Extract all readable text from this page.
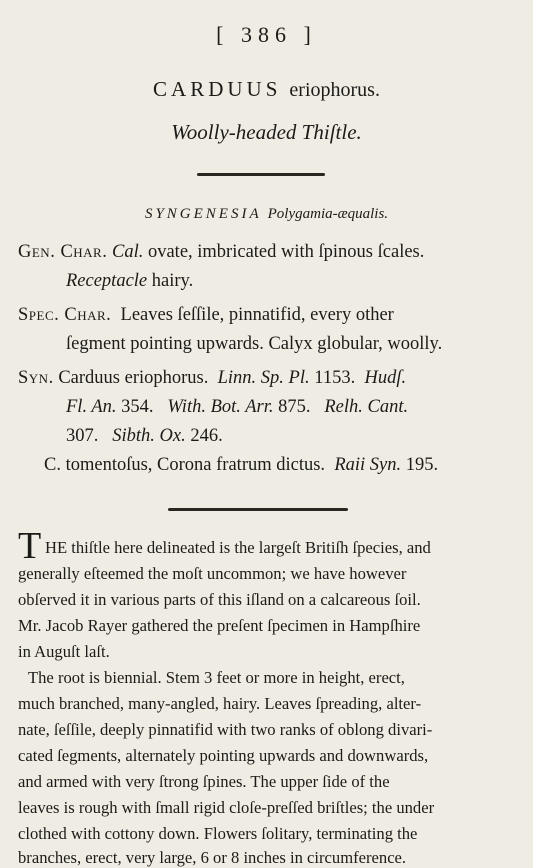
[ 386 ]
CARDUUS eriophorus.
Woolly-headed Thiſtle.
SYNGENESIA Polygamia-æqualis.
Gen. Char. Cal. ovate, imbricated with ſpinous ſcales.
Receptacle hairy.
Spec. Char. Leaves ſeſſile, pinnatifid, every other
ſegment pointing upwards. Calyx globular, woolly.
Syn. Carduus eriophorus. Linn. Sp. Pl. 1153. Hudſ.
Fl. An. 354. With. Bot. Arr. 875. Relh. Cant.
307. Sibth. Ox. 246.
C. tomentoſus, Corona fratrum dictus. Raii Syn. 195.
T HE thiſtle here delineated is the largeſt Britiſh ſpecies, and
generally eſteemed the moſt uncommon; we have however
obſerved it in various parts of this iſland on a calcareous ſoil.
Mr. Jacob Rayer gathered the preſent ſpecimen in Hampſhire
in Auguſt laſt.
The root is biennial. Stem 3 feet or more in height, erect,
much branched, many-angled, hairy. Leaves ſpreading, alter-
nate, ſeſſile, deeply pinnatifid with two ranks of oblong divari-
cated ſegments, alternately pointing upwards and downwards,
and armed with very ſtrong ſpines. The upper ſide of the
leaves is rough with ſmall rigid cloſe-preſſed briſtles; the under
clothed with cottony down. Flowers ſolitary, terminating the
branches, erect, very large, 6 or 8 inches in circumference.
